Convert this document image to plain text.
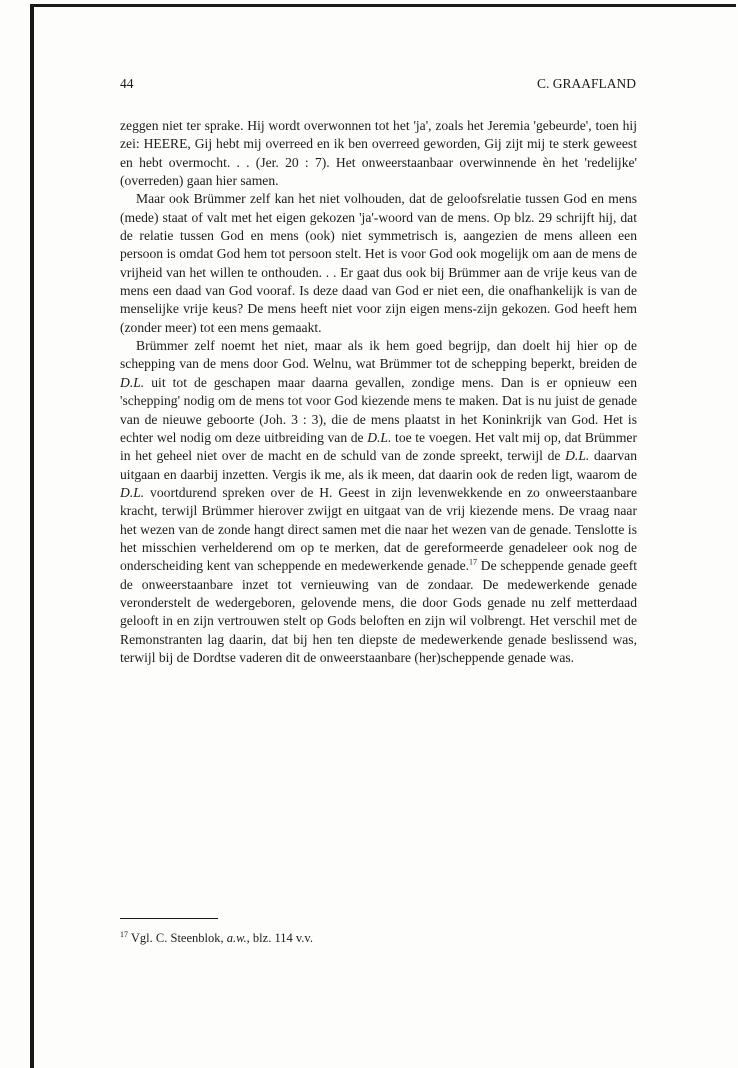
44	C. GRAAFLAND

zeggen niet ter sprake. Hij wordt overwonnen tot het 'ja', zoals het Jeremia 'gebeurde', toen hij zei: HEERE, Gij hebt mij overreed en ik ben overreed geworden, Gij zijt mij te sterk geweest en hebt overmocht. . . (Jer. 20 : 7). Het onweerstaanbaar overwinnende èn het 'redelijke' (overreden) gaan hier samen.

Maar ook Brümmer zelf kan het niet volhouden, dat de geloofsrelatie tussen God en mens (mede) staat of valt met het eigen gekozen 'ja'-woord van de mens. Op blz. 29 schrijft hij, dat de relatie tussen God en mens (ook) niet symmetrisch is, aangezien de mens alleen een persoon is omdat God hem tot persoon stelt. Het is voor God ook mogelijk om aan de mens de vrijheid van het willen te onthouden. . . Er gaat dus ook bij Brümmer aan de vrije keus van de mens een daad van God vooraf. Is deze daad van God er niet een, die onafhankelijk is van de menselijke vrije keus? De mens heeft niet voor zijn eigen mens-zijn gekozen. God heeft hem (zonder meer) tot een mens gemaakt.

Brümmer zelf noemt het niet, maar als ik hem goed begrijp, dan doelt hij hier op de schepping van de mens door God. Welnu, wat Brümmer tot de schepping beperkt, breiden de D.L. uit tot de geschapen maar daarna gevallen, zondige mens. Dan is er opnieuw een 'schepping' nodig om de mens tot voor God kiezende mens te maken. Dat is nu juist de genade van de nieuwe geboorte (Joh. 3 : 3), die de mens plaatst in het Koninkrijk van God. Het is echter wel nodig om deze uitbreiding van de D.L. toe te voegen. Het valt mij op, dat Brümmer in het geheel niet over de macht en de schuld van de zonde spreekt, terwijl de D.L. daarvan uitgaan en daarbij inzetten. Vergis ik me, als ik meen, dat daarin ook de reden ligt, waarom de D.L. voortdurend spreken over de H. Geest in zijn levenwekkende en zo onweerstaanbare kracht, terwijl Brümmer hierover zwijgt en uitgaat van de vrij kiezende mens. De vraag naar het wezen van de zonde hangt direct samen met die naar het wezen van de genade. Tenslotte is het misschien verhelderend om op te merken, dat de gereformeerde genadeleer ook nog de onderscheiding kent van scheppende en medewerkende genade.$^{17}$ De scheppende genade geeft de onweerstaanbare inzet tot vernieuwing van de zondaar. De medewerkende genade veronderstelt de wedergeboren, gelovende mens, die door Gods genade nu zelf metterdaad gelooft in en zijn vertrouwen stelt op Gods beloften en zijn wil volbrengt. Het verschil met de Remonstranten lag daarin, dat bij hen ten diepste de medewerkende genade beslissend was, terwijl bij de Dordtse vaderen dit de onweerstaanbare (her)scheppende genade was.

$^{17}$ Vgl. C. Steenblok, a.w., blz. 114 v.v.
